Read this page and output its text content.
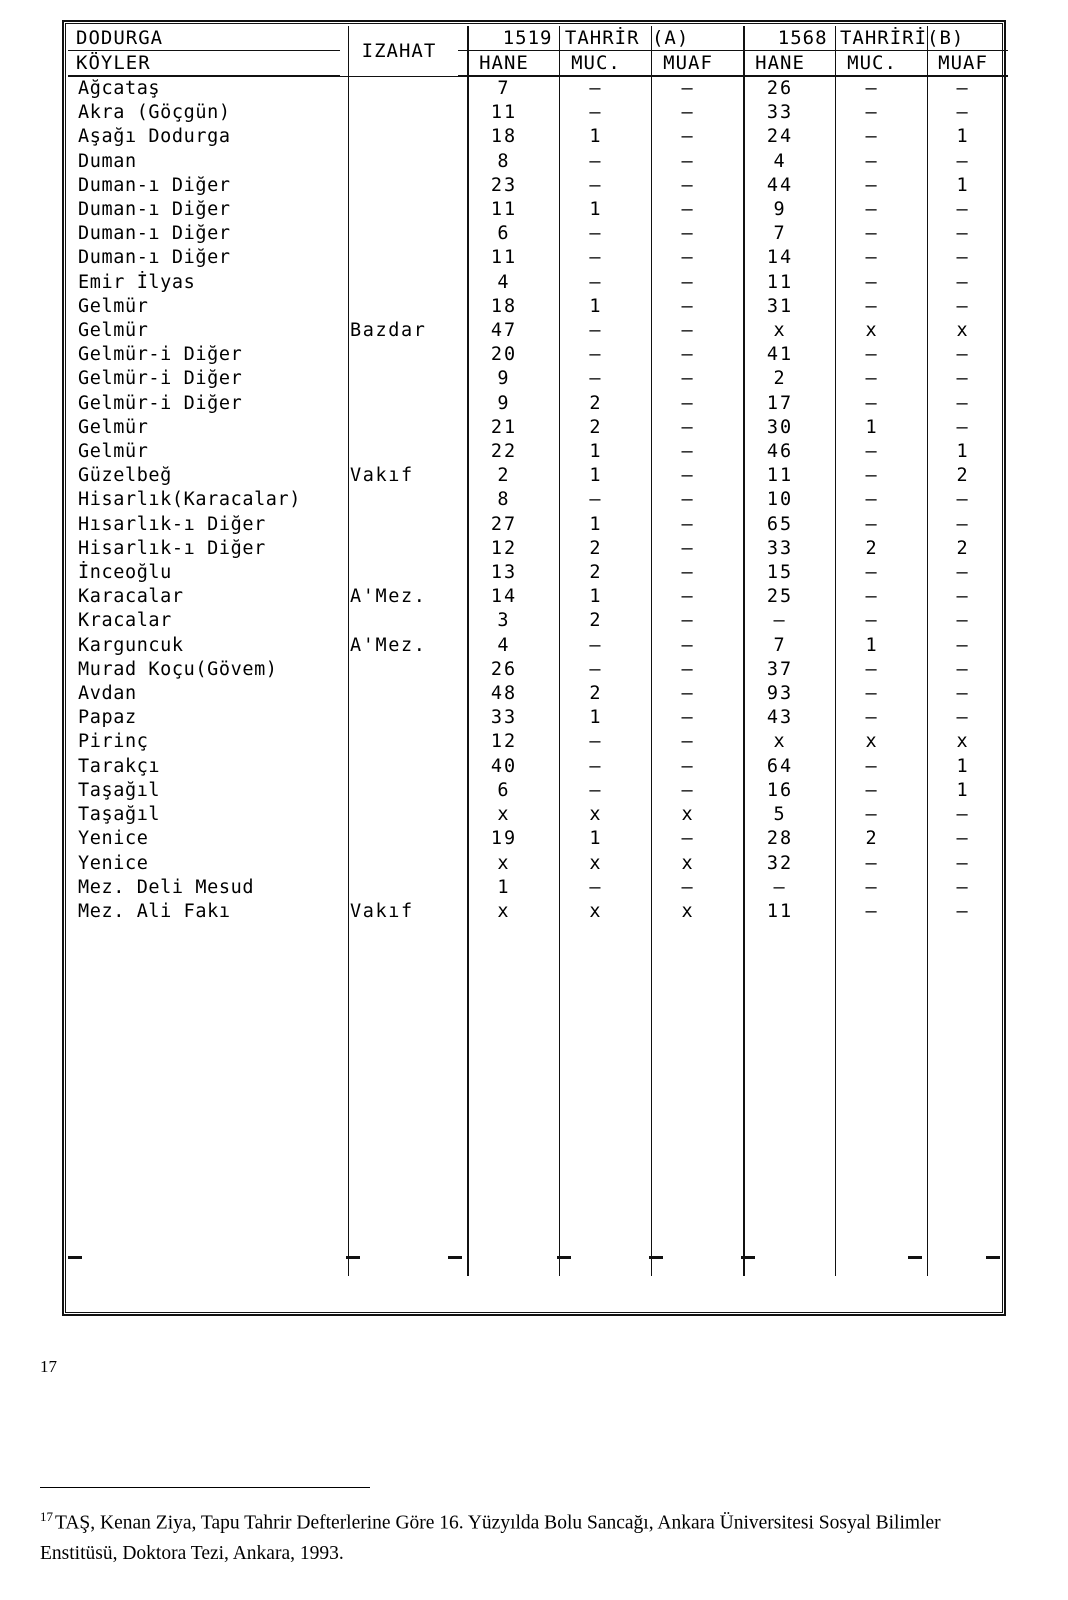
DODURGA	IZAHAT	1519 TAHRİR (A)			1568 TAHRİRİ(B)		
KÖYLER		HANE	MUC.	MUAF	HANE	MUC.	MUAF
Ağcataş		7	–	–	26	–	–
Akra (Göçgün)		11	–	–	33	–	–
Aşağı Dodurga		18	1	–	24	–	1
Duman		8	–	–	4	–	–
Duman-ı Diğer		23	–	–	44	–	1
Duman-ı Diğer		11	1	–	9	–	–
Duman-ı Diğer		6	–	–	7	–	–
Duman-ı Diğer		11	–	–	14	–	–
Emir İlyas		4	–	–	11	–	–
Gelmür		18	1	–	31	–	–
Gelmür	Bazdar	47	–	–	x	x	x
Gelmür-i Diğer		20	–	–	41	–	–
Gelmür-i Diğer		9	–	–	2	–	–
Gelmür-i Diğer		9	2	–	17	–	–
Gelmür		21	2	–	30	1	–
Gelmür		22	1	–	46	–	1
Güzelbeğ	Vakıf	2	1	–	11	–	2
Hisarlık(Karacalar)		8	–	–	10	–	–
Hısarlık-ı Diğer		27	1	–	65	–	–
Hisarlık-ı Diğer		12	2	–	33	2	2
İnceoğlu		13	2	–	15	–	–
Karacalar	A'Mez.	14	1	–	25	–	–
Kracalar		3	2	–	–	–	–
Karguncuk	A'Mez.	4	–	–	7	1	–
Murad Koçu(Gövem)		26	–	–	37	–	–
Avdan		48	2	–	93	–	–
Papaz		33	1	–	43	–	–
Pirinç		12	–	–	x	x	x
Tarakçı		40	–	–	64	–	1
Taşağıl		6	–	–	16	–	1
Taşağıl		x	x	x	5	–	–
Yenice		19	1	–	28	2	–
Yenice		x	x	x	32	–	–
Mez. Deli Mesud		1	–	–	–	–	–
Mez. Ali Fakı	Vakıf	x	x	x	11	–	–
17
$^{17}$ TAŞ, Kenan Ziya, Tapu Tahrir Defterlerine Göre 16. Yüzyılda Bolu Sancağı, Ankara Üniversitesi Sosyal Bilimler Enstitüsü, Doktora Tezi, Ankara, 1993.
